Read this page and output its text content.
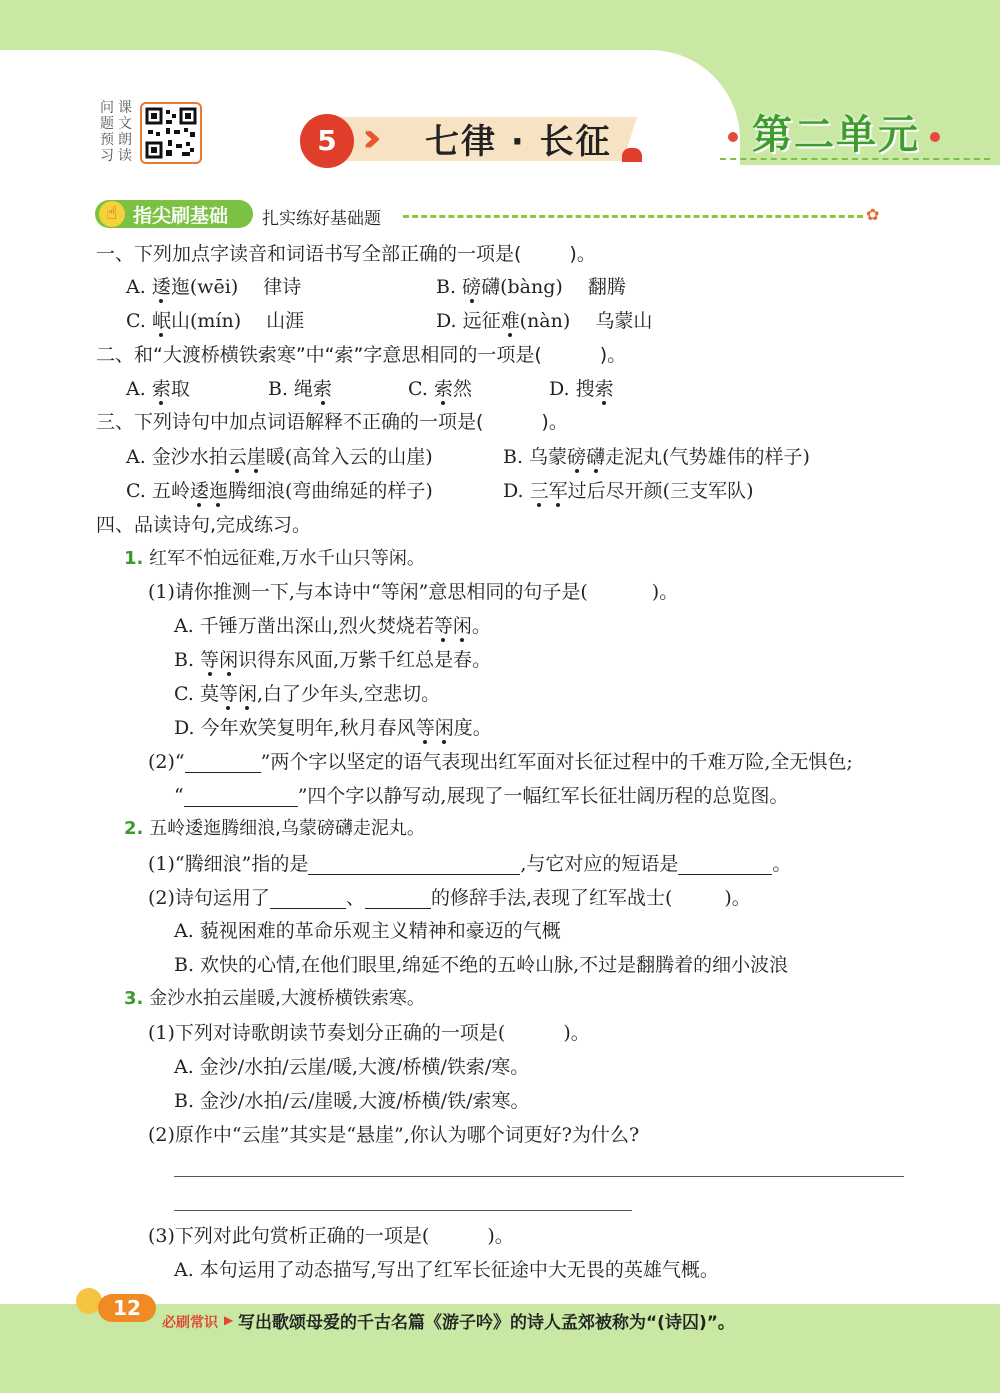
问 课
题 文
预 朗
习 读	5 ››› 七律 · 长征	第二单元
☝ 指尖刷基础 扎实练好基础题	✿
一、下列加点字读音和词语书写全部正确的一项是(	)。
A. 逶迤(wēi)　 律诗	B. 磅礴(bàng)　 翻腾
C. 岷山(mín)　 山涯	D. 远征难(nàn)　 乌蒙山
二、和“大渡桥横铁索寒”中“索”字意思相同的一项是(	)。
A. 索取	B. 绳索	C. 索然	D. 搜索
三、下列诗句中加点词语解释不正确的一项是(	)。
A. 金沙水拍云崖暖(高耸入云的山崖)	B. 乌蒙磅礴走泥丸(气势雄伟的样子)
C. 五岭逶迤腾细浪(弯曲绵延的样子)	D. 三军过后尽开颜(三支军队)
四、品读诗句,完成练习。
1. 红军不怕远征难,万水千山只等闲。
(1)请你推测一下,与本诗中“等闲”意思相同的句子是(	)。
A. 千锤万凿出深山,烈火焚烧若等闲。
B. 等闲识得东风面,万紫千红总是春。
C. 莫等闲,白了少年头,空悲切。
D. 今年欢笑复明年,秋月春风等闲度。
(2)“	”两个字以坚定的语气表现出红军面对长征过程中的千难万险,全无惧色;
“	”四个字以静写动,展现了一幅红军长征壮阔历程的总览图。
2. 五岭逶迤腾细浪,乌蒙磅礴走泥丸。
(1)“腾细浪”指的是	,与它对应的短语是	。
(2)诗句运用了	、	的修辞手法,表现了红军战士(	)。
A. 藐视困难的革命乐观主义精神和豪迈的气概
B. 欢快的心情,在他们眼里,绵延不绝的五岭山脉,不过是翻腾着的细小波浪
3. 金沙水拍云崖暖,大渡桥横铁索寒。
(1)下列对诗歌朗读节奏划分正确的一项是(	)。
A. 金沙/水拍/云崖/暖,大渡/桥横/铁索/寒。
B. 金沙/水拍/云/崖暖,大渡/桥横/铁/索寒。
(2)原作中“云崖”其实是“悬崖”,你认为哪个词更好?为什么?
(3)下列对此句赏析正确的一项是(	)。
A. 本句运用了动态描写,写出了红军长征途中大无畏的英雄气概。
12
必刷常识 ▶ 写出歌颂母爱的千古名篇《游子吟》的诗人孟郊被称为“(诗囚)”。
